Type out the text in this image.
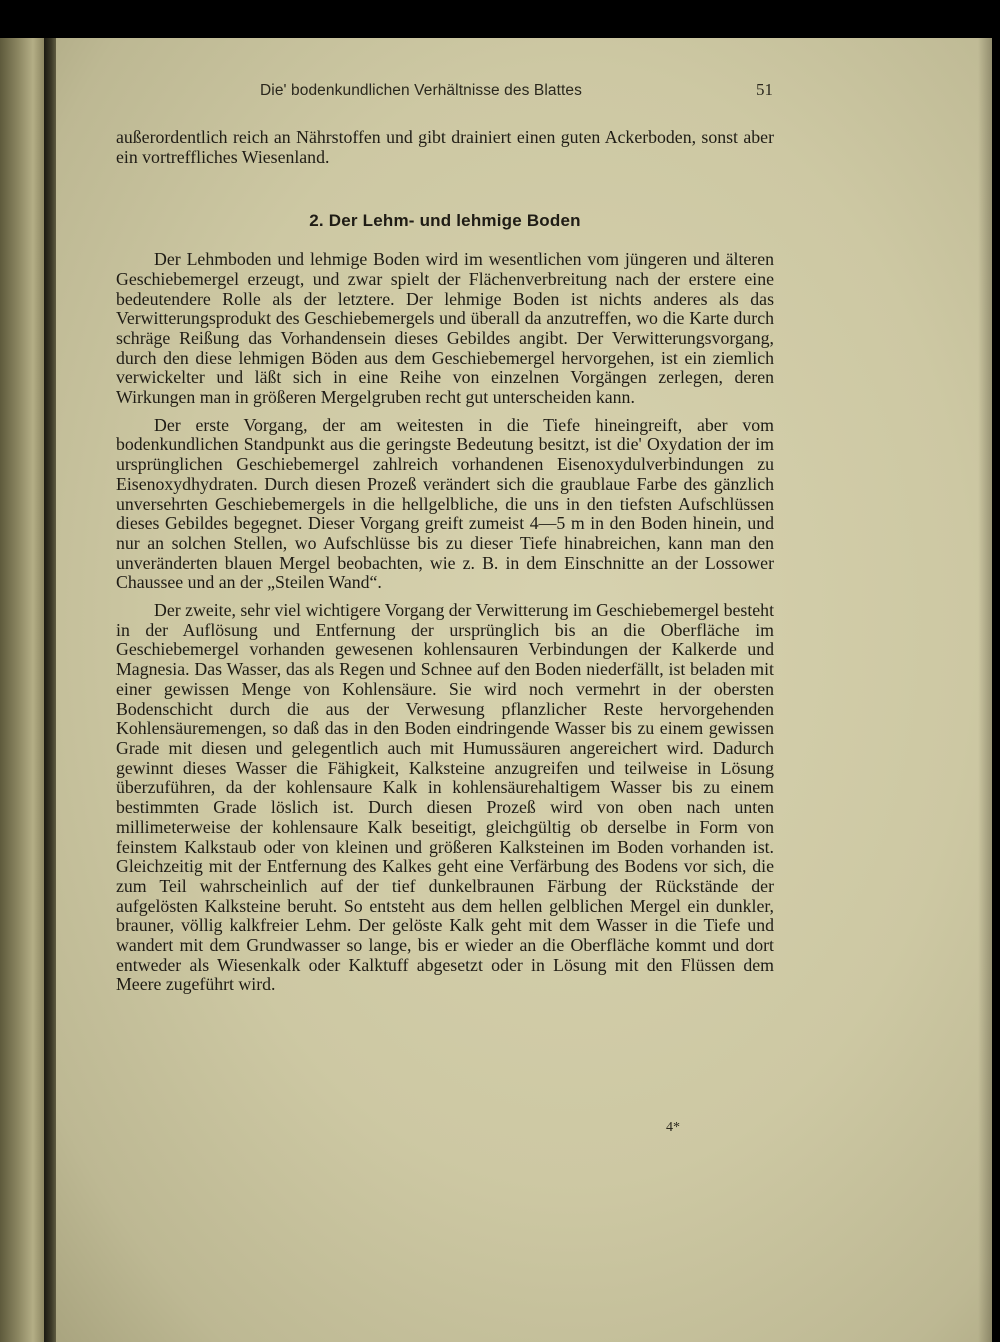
Die' bodenkundlichen Verhältnisse des Blattes	51

außerordentlich reich an Nährstoffen und gibt drainiert einen guten Ackerboden, sonst aber ein vortreffliches Wiesenland.

2. Der Lehm- und lehmige Boden

Der Lehmboden und lehmige Boden wird im wesentlichen vom jüngeren und älteren Geschiebemergel erzeugt, und zwar spielt der Flächenverbreitung nach der erstere eine bedeutendere Rolle als der letztere. Der lehmige Boden ist nichts anderes als das Verwitterungsprodukt des Geschiebemergels und überall da anzutreffen, wo die Karte durch schräge Reißung das Vorhandensein dieses Gebildes angibt. Der Verwitterungsvorgang, durch den diese lehmigen Böden aus dem Geschiebemergel hervorgehen, ist ein ziemlich verwickelter und läßt sich in eine Reihe von einzelnen Vorgängen zerlegen, deren Wirkungen man in größeren Mergelgruben recht gut unterscheiden kann.

Der erste Vorgang, der am weitesten in die Tiefe hineingreift, aber vom bodenkundlichen Standpunkt aus die geringste Bedeutung besitzt, ist die' Oxydation der im ursprünglichen Geschiebemergel zahlreich vorhandenen Eisenoxydulverbindungen zu Eisenoxydhydraten. Durch diesen Prozeß verändert sich die graublaue Farbe des gänzlich unversehrten Geschiebemergels in die hellgelbliche, die uns in den tiefsten Aufschlüssen dieses Gebildes begegnet. Dieser Vorgang greift zumeist 4—5 m in den Boden hinein, und nur an solchen Stellen, wo Aufschlüsse bis zu dieser Tiefe hinabreichen, kann man den unveränderten blauen Mergel beobachten, wie z. B. in dem Einschnitte an der Lossower Chaussee und an der „Steilen Wand“.

Der zweite, sehr viel wichtigere Vorgang der Verwitterung im Geschiebemergel besteht in der Auflösung und Entfernung der ursprünglich bis an die Oberfläche im Geschiebemergel vorhanden gewesenen kohlensauren Verbindungen der Kalkerde und Magnesia. Das Wasser, das als Regen und Schnee auf den Boden niederfällt, ist beladen mit einer gewissen Menge von Kohlensäure. Sie wird noch vermehrt in der obersten Bodenschicht durch die aus der Verwesung pflanzlicher Reste hervorgehenden Kohlensäuremengen, so daß das in den Boden eindringende Wasser bis zu einem gewissen Grade mit diesen und gelegentlich auch mit Humussäuren angereichert wird. Dadurch gewinnt dieses Wasser die Fähigkeit, Kalksteine anzugreifen und teilweise in Lösung überzuführen, da der kohlensaure Kalk in kohlensäurehaltigem Wasser bis zu einem bestimmten Grade löslich ist. Durch diesen Prozeß wird von oben nach unten millimeterweise der kohlensaure Kalk beseitigt, gleichgültig ob derselbe in Form von feinstem Kalkstaub oder von kleinen und größeren Kalksteinen im Boden vorhanden ist. Gleichzeitig mit der Entfernung des Kalkes geht eine Verfärbung des Bodens vor sich, die zum Teil wahrscheinlich auf der tief dunkelbraunen Färbung der Rückstände der aufgelösten Kalksteine beruht. So entsteht aus dem hellen gelblichen Mergel ein dunkler, brauner, völlig kalkfreier Lehm. Der gelöste Kalk geht mit dem Wasser in die Tiefe und wandert mit dem Grundwasser so lange, bis er wieder an die Oberfläche kommt und dort entweder als Wiesenkalk oder Kalktuff abgesetzt oder in Lösung mit den Flüssen dem Meere zugeführt wird.

4*
